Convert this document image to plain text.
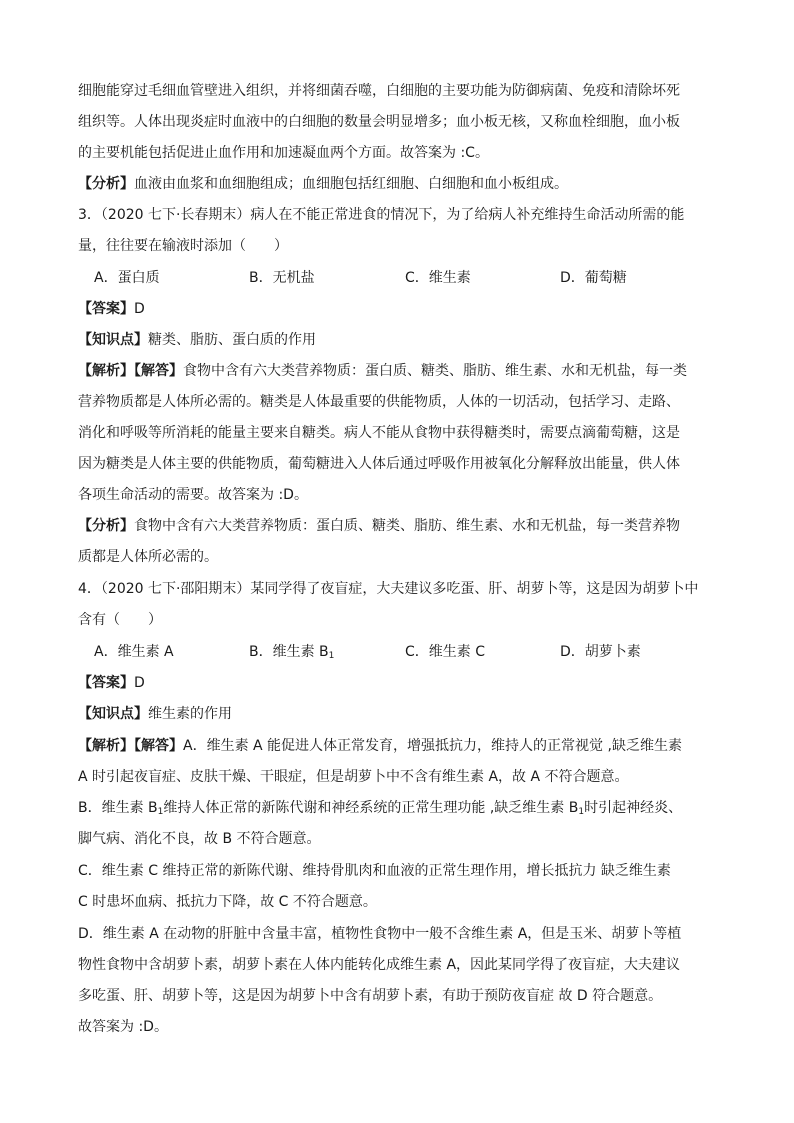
细胞能穿过毛细血管壁进入组织，并将细菌吞噬，白细胞的主要功能为防御病菌、免疫和清除坏死
组织等。人体出现炎症时血液中的白细胞的数量会明显增多；血小板无核，又称血栓细胞，血小板
的主要机能包括促进止血作用和加速凝血两个方面。故答案为 :C。
【分析】血液由血浆和血细胞组成；血细胞包括红细胞、白细胞和血小板组成。
3．（2020 七下·长春期末）病人在不能正常进食的情况下，为了给病人补充维持生命活动所需的能
量，往往要在输液时添加（　　）
A．蛋白质	B．无机盐	C．维生素	D．葡萄糖
【答案】D
【知识点】糖类、脂肪、蛋白质的作用
【解析】【解答】食物中含有六大类营养物质：蛋白质、糖类、脂肪、维生素、水和无机盐，每一类
营养物质都是人体所必需的。糖类是人体最重要的供能物质，人体的一切活动，包括学习、走路、
消化和呼吸等所消耗的能量主要来自糖类。病人不能从食物中获得糖类时，需要点滴葡萄糖，这是
因为糖类是人体主要的供能物质，葡萄糖进入人体后通过呼吸作用被氧化分解释放出能量，供人体
各项生命活动的需要。故答案为 :D。
【分析】食物中含有六大类营养物质：蛋白质、糖类、脂肪、维生素、水和无机盐，每一类营养物
质都是人体所必需的。
4．（2020 七下·邵阳期末）某同学得了夜盲症，大夫建议多吃蛋、肝、胡萝卜等，这是因为胡萝卜中
含有（　　）
A．维生素 A	B．维生素 $B_1$	C．维生素 C	D．胡萝卜素
【答案】D
【知识点】维生素的作用
【解析】【解答】A．维生素 A 能促进人体正常发育，增强抵抗力，维持人的正常视觉 ,缺乏维生素
A 时引起夜盲症、皮肤干燥、干眼症，但是胡萝卜中不含有维生素 A，故 A 不符合题意。
B．维生素 $B_1$维持人体正常的新陈代谢和神经系统的正常生理功能 ,缺乏维生素 $B_1$时引起神经炎、
脚气病、消化不良，故 B 不符合题意。
C．维生素 C 维持正常的新陈代谢、维持骨肌肉和血液的正常生理作用，增长抵抗力 缺乏维生素
C 时患坏血病、抵抗力下降，故 C 不符合题意。
D．维生素 A 在动物的肝脏中含量丰富，植物性食物中一般不含维生素 A，但是玉米、胡萝卜等植
物性食物中含胡萝卜素，胡萝卜素在人体内能转化成维生素 A，因此某同学得了夜盲症，大夫建议
多吃蛋、肝、胡萝卜等，这是因为胡萝卜中含有胡萝卜素，有助于预防夜盲症 故 D 符合题意。
故答案为 :D。
